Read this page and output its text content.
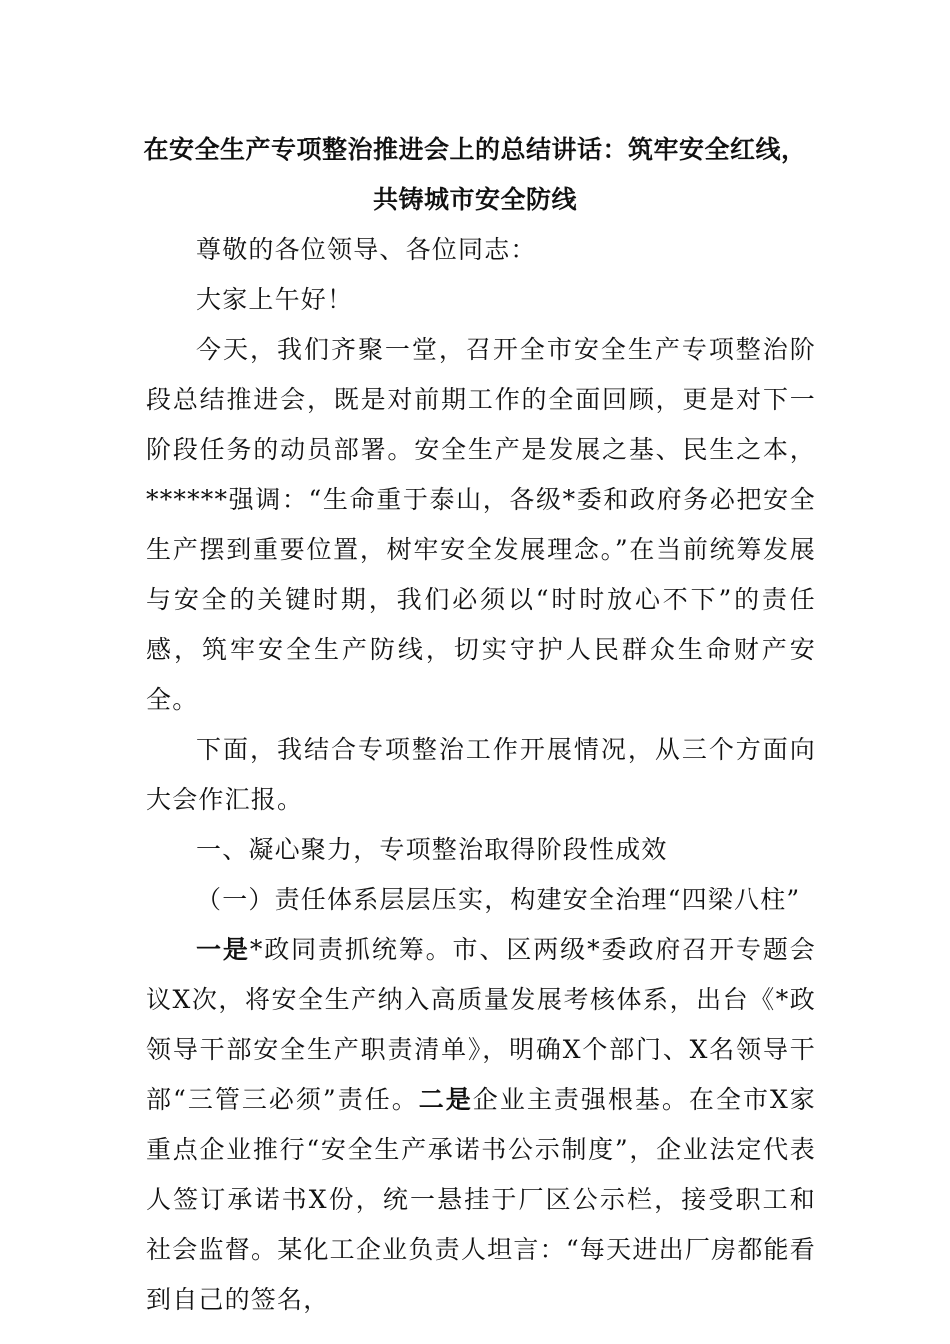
在安全生产专项整治推进会上的总结讲话：筑牢安全红线，
共铸城市安全防线

尊敬的各位领导、各位同志：

大家上午好！

今天，我们齐聚一堂，召开全市安全生产专项整治阶段总结推进会，既是对前期工作的全面回顾，更是对下一阶段任务的动员部署。安全生产是发展之基、民生之本，******强调：“生命重于泰山，各级*委和政府务必把安全生产摆到重要位置，树牢安全发展理念。”在当前统筹发展与安全的关键时期，我们必须以“时时放心不下”的责任感，筑牢安全生产防线，切实守护人民群众生命财产安全。

下面，我结合专项整治工作开展情况，从三个方面向大会作汇报。

一、凝心聚力，专项整治取得阶段性成效

（一）责任体系层层压实，构建安全治理“四梁八柱”

一是*政同责抓统筹。市、区两级*委政府召开专题会议X次，将安全生产纳入高质量发展考核体系，出台《*政领导干部安全生产职责清单》，明确X个部门、X名领导干部“三管三必须”责任。二是企业主责强根基。在全市X家重点企业推行“安全生产承诺书公示制度”，企业法定代表人签订承诺书X份，统一悬挂于厂区公示栏，接受职工和社会监督。某化工企业负责人坦言：“每天进出厂房都能看到自己的签名，
